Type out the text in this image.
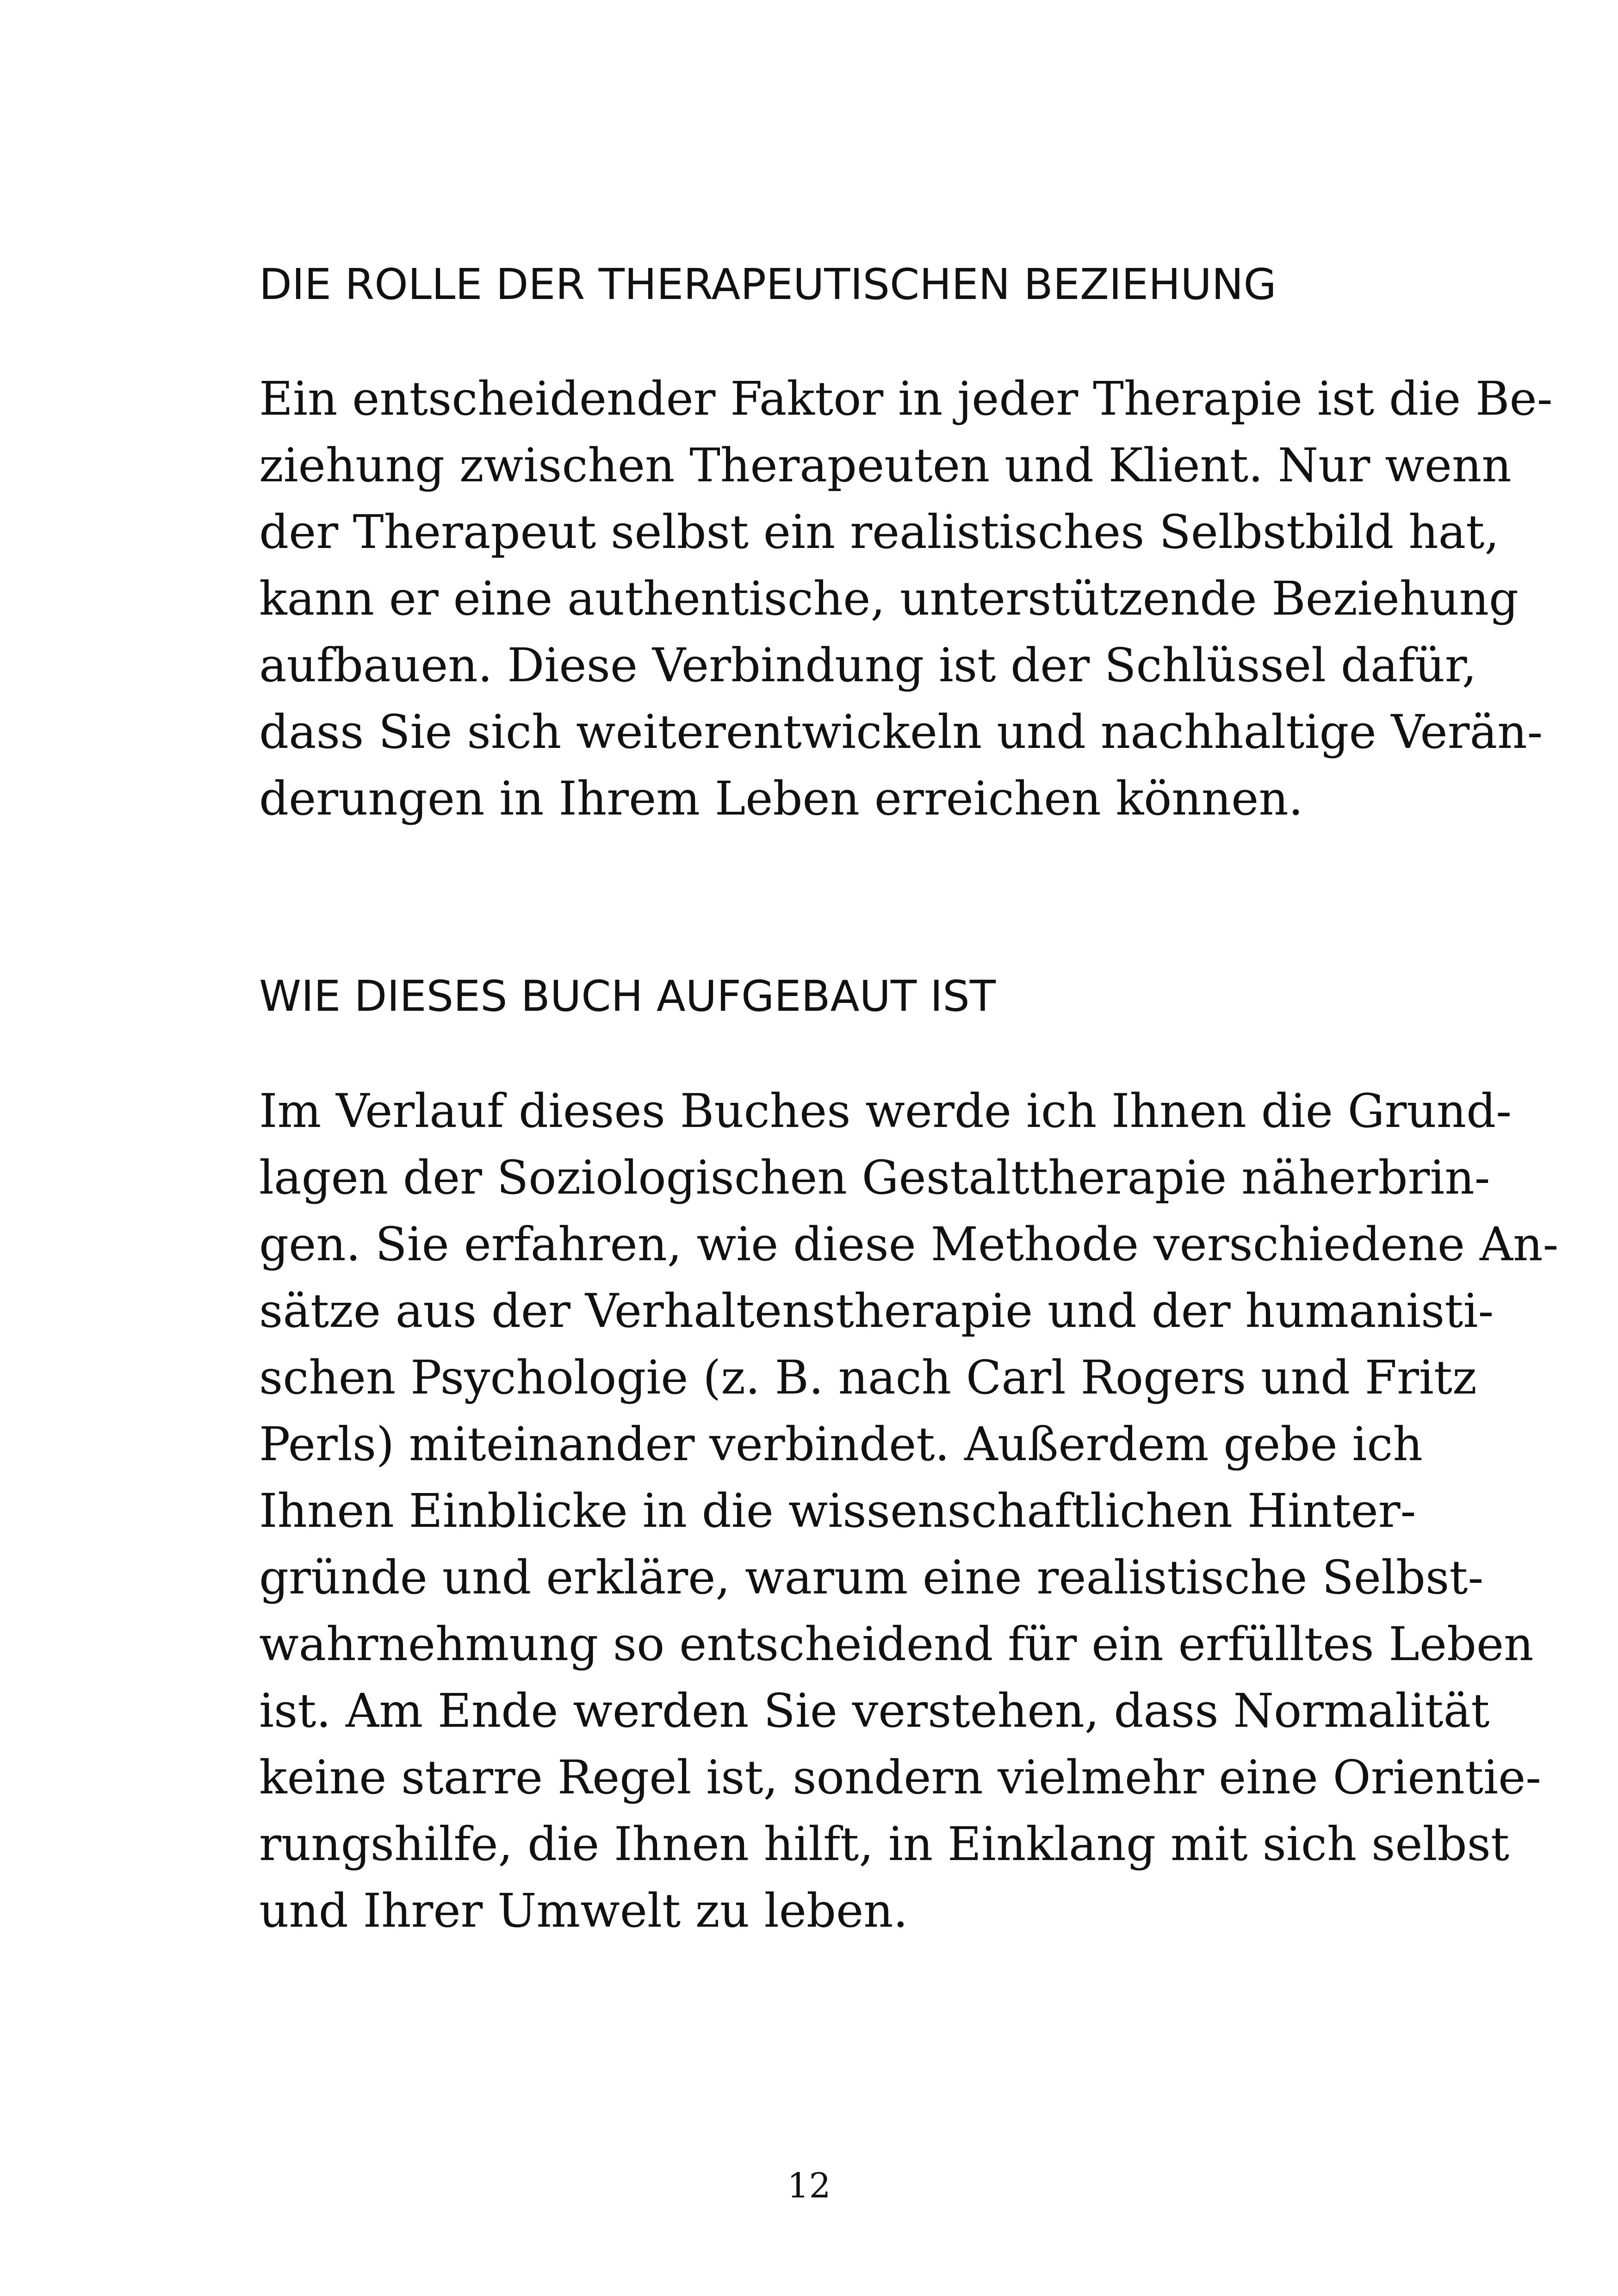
DIE ROLLE DER THERAPEUTISCHEN BEZIEHUNG
Ein entscheidender Faktor in jeder Therapie ist die Be-
ziehung zwischen Therapeuten und Klient. Nur wenn
der Therapeut selbst ein realistisches Selbstbild hat,
kann er eine authentische, unterstützende Beziehung
aufbauen. Diese Verbindung ist der Schlüssel dafür,
dass Sie sich weiterentwickeln und nachhaltige Verän-
derungen in Ihrem Leben erreichen können.
WIE DIESES BUCH AUFGEBAUT IST
Im Verlauf dieses Buches werde ich Ihnen die Grund-
lagen der Soziologischen Gestalttherapie näherbrin-
gen. Sie erfahren, wie diese Methode verschiedene An-
sätze aus der Verhaltenstherapie und der humanisti-
schen Psychologie (z. B. nach Carl Rogers und Fritz
Perls) miteinander verbindet. Außerdem gebe ich
Ihnen Einblicke in die wissenschaftlichen Hinter-
gründe und erkläre, warum eine realistische Selbst-
wahrnehmung so entscheidend für ein erfülltes Leben
ist. Am Ende werden Sie verstehen, dass Normalität
keine starre Regel ist, sondern vielmehr eine Orientie-
rungshilfe, die Ihnen hilft, in Einklang mit sich selbst
und Ihrer Umwelt zu leben.
12
